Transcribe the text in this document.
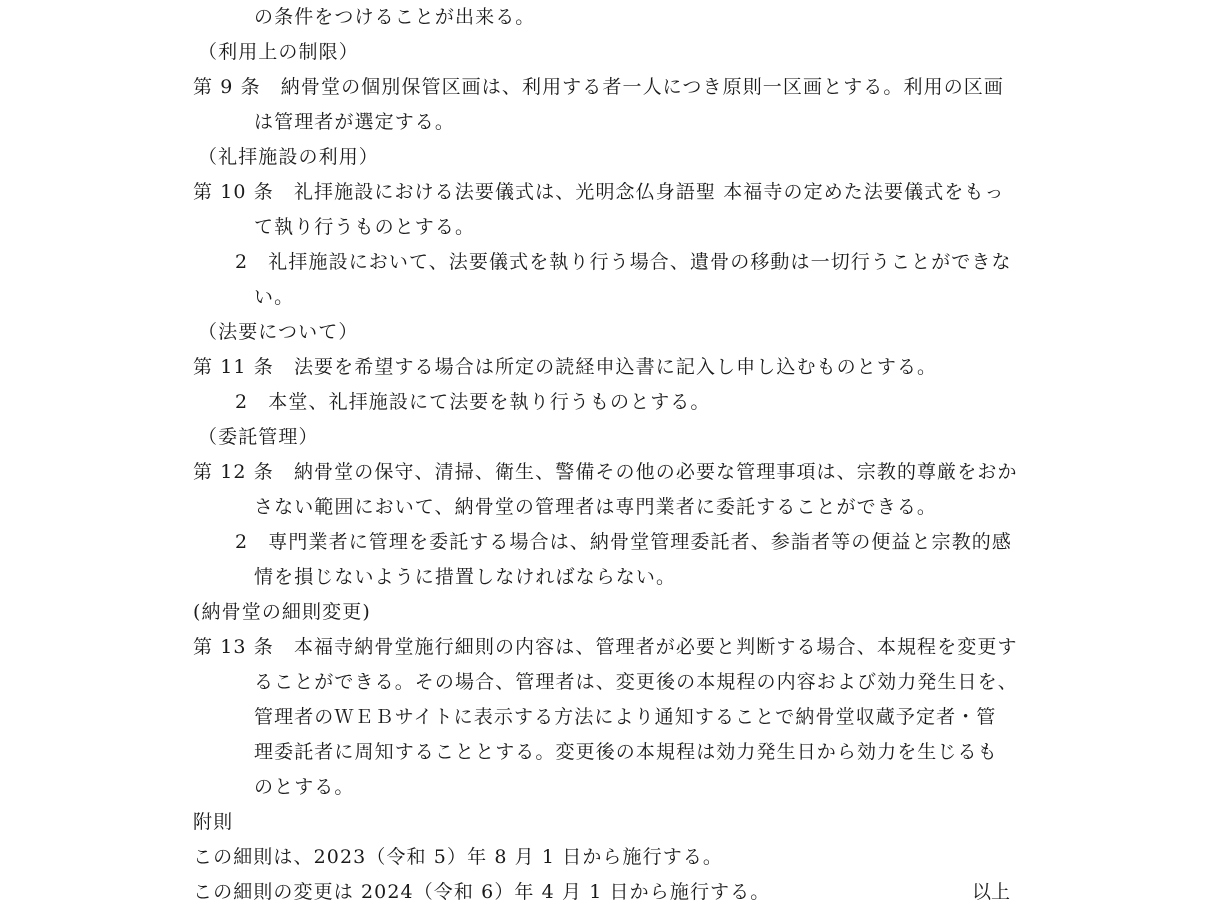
の条件をつけることが出来る。
（利用上の制限）
第 9 条　納骨堂の個別保管区画は、利用する者一人につき原則一区画とする。利用の区画
は管理者が選定する。
（礼拝施設の利用）
第 10 条　礼拝施設における法要儀式は、光明念仏身語聖 本福寺の定めた法要儀式をもっ
て執り行うものとする。
2　礼拝施設において、法要儀式を執り行う場合、遺骨の移動は一切行うことができな
い。
（法要について）
第 11 条　法要を希望する場合は所定の読経申込書に記入し申し込むものとする。
2　本堂、礼拝施設にて法要を執り行うものとする。
（委託管理）
第 12 条　納骨堂の保守、清掃、衛生、警備その他の必要な管理事項は、宗教的尊厳をおか
さない範囲において、納骨堂の管理者は専門業者に委託することができる。
2　専門業者に管理を委託する場合は、納骨堂管理委託者、参詣者等の便益と宗教的感
情を損じないように措置しなければならない。
(納骨堂の細則変更)
第 13 条　本福寺納骨堂施行細則の内容は、管理者が必要と判断する場合、本規程を変更す
ることができる。その場合、管理者は、変更後の本規程の内容および効力発生日を、
管理者のＷＥＢサイトに表示する方法により通知することで納骨堂収蔵予定者・管
理委託者に周知することとする。変更後の本規程は効力発生日から効力を生じるも
のとする。
附則
この細則は、2023（令和 5）年 8 月 1 日から施行する。
この細則の変更は 2024（令和 6）年 4 月 1 日から施行する。	以上
